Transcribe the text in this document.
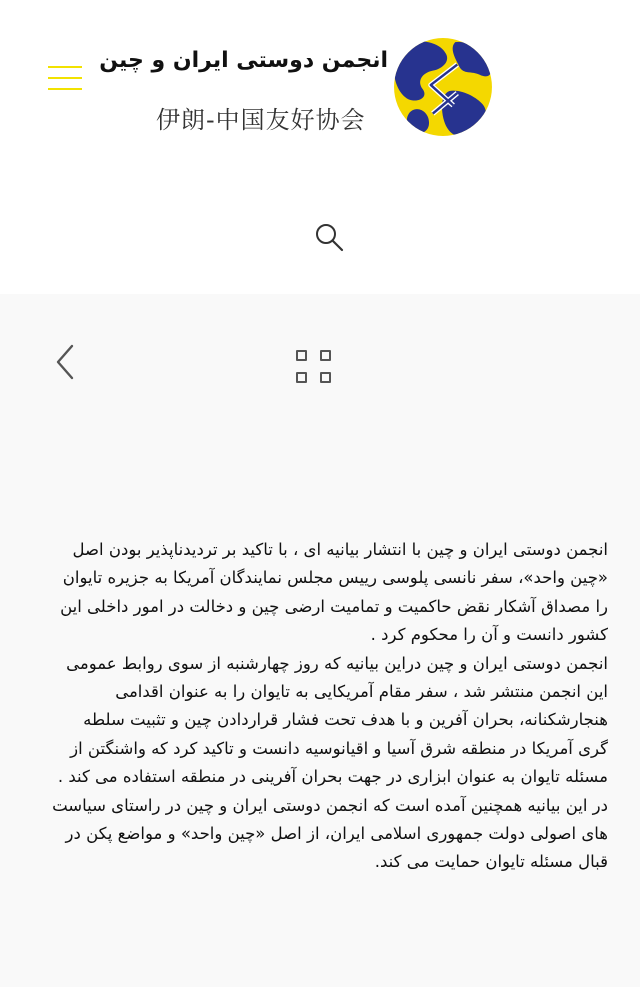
انجمن دوستی ایران و چین
伊朗-中国友好协会

انجمن دوستی ایران و چین با انتشار بیانیه ای ، با تاکید بر تردیدناپذیر بودن اصل «چین واحد»، سفر نانسی پلوسی رییس مجلس نمایندگان آمریکا به جزیره تایوان را مصداق آشکار نقض حاکمیت و تمامیت ارضی چین و دخالت در امور داخلی این کشور دانست و آن را محکوم کرد .

انجمن دوستی ایران و چین دراین بیانیه که روز چهارشنبه از سوی روابط عمومی این انجمن منتشر شد ، سفر مقام آمریکایی به تایوان را به عنوان اقدامی هنجارشکنانه، بحران آفرین و با هدف تحت فشار قراردادن چین و تثبیت سلطه گری آمریکا در منطقه شرق آسیا و اقیانوسیه دانست و تاکید کرد که واشنگتن از مسئله تایوان به عنوان ابزاری در جهت بحران آفرینی در منطقه استفاده می کند .

در این بیانیه همچنین آمده است که انجمن دوستی ایران و چین در راستای سیاست های اصولی دولت جمهوری اسلامی ایران، از اصل «چین واحد» و مواضع پکن در قبال مسئله تایوان حمایت می کند.
